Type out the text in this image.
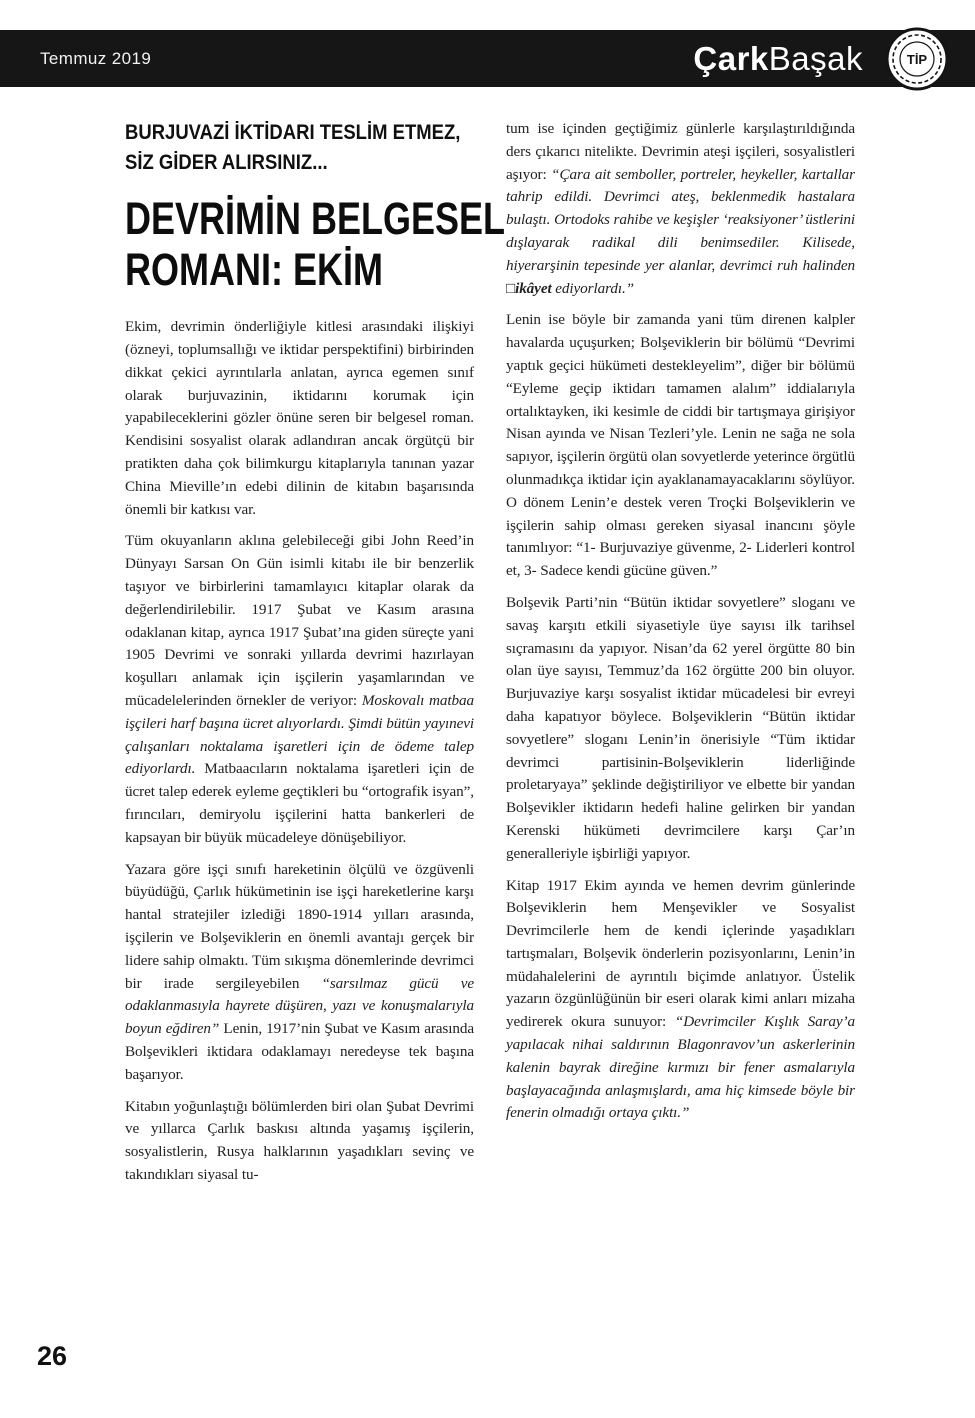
Temmuz 2019	ÇarkBaşak	TİP
BURJUVAZİ İKTİDARI TESLİM ETMEZ,
SİZ GİDER ALIRSINIZ...
DEVRİMİN BELGESEL
ROMANI: EKİM

Ekim, devrimin önderliğiyle kitlesi arasındaki ilişkiyi (özneyi, toplumsallığı ve iktidar perspektifini) birbirinden dikkat çekici ayrıntılarla anlatan, ayrıca egemen sınıf olarak burjuvazinin, iktidarını korumak için yapabileceklerini gözler önüne seren bir belgesel roman. Kendisini sosyalist olarak adlandıran ancak örgütçü bir pratikten daha çok bilimkurgu kitaplarıyla tanınan yazar China Mieville’ın edebi dilinin de kitabın başarısında önemli bir katkısı var.

Tüm okuyanların aklına gelebileceği gibi John Reed’in Dünyayı Sarsan On Gün isimli kitabı ile bir benzerlik taşıyor ve birbirlerini tamamlayıcı kitaplar olarak da değerlendirilebilir. 1917 Şubat ve Kasım arasına odaklanan kitap, ayrıca 1917 Şubat’ına giden süreçte yani 1905 Devrimi ve sonraki yıllarda devrimi hazırlayan koşulları anlamak için işçilerin yaşamlarından ve mücadelelerinden örnekler de veriyor: Moskovalı matbaa işçileri harf başına ücret alıyorlardı. Şimdi bütün yayınevi çalışanları noktalama işaretleri için de ödeme talep ediyorlardı. Matbaacıların noktalama işaretleri için de ücret talep ederek eyleme geçtikleri bu “ortografik isyan”, fırıncıları, demiryolu işçilerini hatta bankerleri de kapsayan bir büyük mücadeleye dönüşebiliyor.

Yazara göre işçi sınıfı hareketinin ölçülü ve özgüvenli büyüdüğü, Çarlık hükümetinin ise işçi hareketlerine karşı hantal stratejiler izlediği 1890-1914 yılları arasında, işçilerin ve Bolşeviklerin en önemli avantajı gerçek bir lidere sahip olmaktı. Tüm sıkışma dönemlerinde devrimci bir irade sergileyebilen “sarsılmaz gücü ve odaklanmasıyla hayrete düşüren, yazı ve konuşmalarıyla boyun eğdiren” Lenin, 1917’nin Şubat ve Kasım arasında Bolşevikleri iktidara odaklamayı neredeyse tek başına başarıyor.

Kitabın yoğunlaştığı bölümlerden biri olan Şubat Devrimi ve yıllarca Çarlık baskısı altında yaşamış işçilerin, sosyalistlerin, Rusya halklarının yaşadıkları sevinç ve takındıkları siyasal tu-

tum ise içinden geçtiğimiz günlerle karşılaştırıldığında ders çıkarıcı nitelikte. Devrimin ateşi işçileri, sosyalistleri aşıyor: “Çara ait semboller, portreler, heykeller, kartallar tahrip edildi. Devrimci ateş, beklenmedik hastalara bulaştı. Ortodoks rahibe ve keşişler ‘reaksiyoner’ üstlerini dışlayarak radikal dili benimsediler. Kilisede, hiyerarşinin tepesinde yer alanlar, devrimci ruh halinden □ikâyet ediyorlardı.”

Lenin ise böyle bir zamanda yani tüm direnen kalpler havalarda uçuşurken; Bolşeviklerin bir bölümü “Devrimi yaptık geçici hükümeti destekleyelim”, diğer bir bölümü “Eyleme geçip iktidarı tamamen alalım” iddialarıyla ortalıktayken, iki kesimle de ciddi bir tartışmaya girişiyor Nisan ayında ve Nisan Tezleri’yle. Lenin ne sağa ne sola sapıyor, işçilerin örgütü olan sovyetlerde yeterince örgütlü olunmadıkça iktidar için ayaklanamayacaklarını söylüyor. O dönem Lenin’e destek veren Troçki Bolşeviklerin ve işçilerin sahip olması gereken siyasal inancını şöyle tanımlıyor: “1- Burjuvaziye güvenme, 2- Liderleri kontrol et, 3- Sadece kendi gücüne güven.”

Bolşevik Parti’nin “Bütün iktidar sovyetlere” sloganı ve savaş karşıtı etkili siyasetiyle üye sayısı ilk tarihsel sıçramasını da yapıyor. Nisan’da 62 yerel örgütte 80 bin olan üye sayısı, Temmuz’da 162 örgütte 200 bin oluyor. Burjuvaziye karşı sosyalist iktidar mücadelesi bir evreyi daha kapatıyor böylece. Bolşeviklerin “Bütün iktidar sovyetlere” sloganı Lenin’in önerisiyle “Tüm iktidar devrimci partisinin-Bolşeviklerin liderliğinde proletaryaya” şeklinde değiştiriliyor ve elbette bir yandan Bolşevikler iktidarın hedefi haline gelirken bir yandan Kerenski hükümeti devrimcilere karşı Çar’ın generalleriyle işbirliği yapıyor.

Kitap 1917 Ekim ayında ve hemen devrim günlerinde Bolşeviklerin hem Menşevikler ve Sosyalist Devrimcilerle hem de kendi içlerinde yaşadıkları tartışmaları, Bolşevik önderlerin pozisyonlarını, Lenin’in müdahalelerini de ayrıntılı biçimde anlatıyor. Üstelik yazarın özgünlüğünün bir eseri olarak kimi anları mizaha yedirerek okura sunuyor: “Devrimciler Kışlık Saray’a yapılacak nihai saldırının Blagonravov’un askerlerinin kalenin bayrak direğine kırmızı bir fener asmalarıyla başlayacağında anlaşmışlardı, ama hiç kimsede böyle bir fenerin olmadığı ortaya çıktı.”

26
